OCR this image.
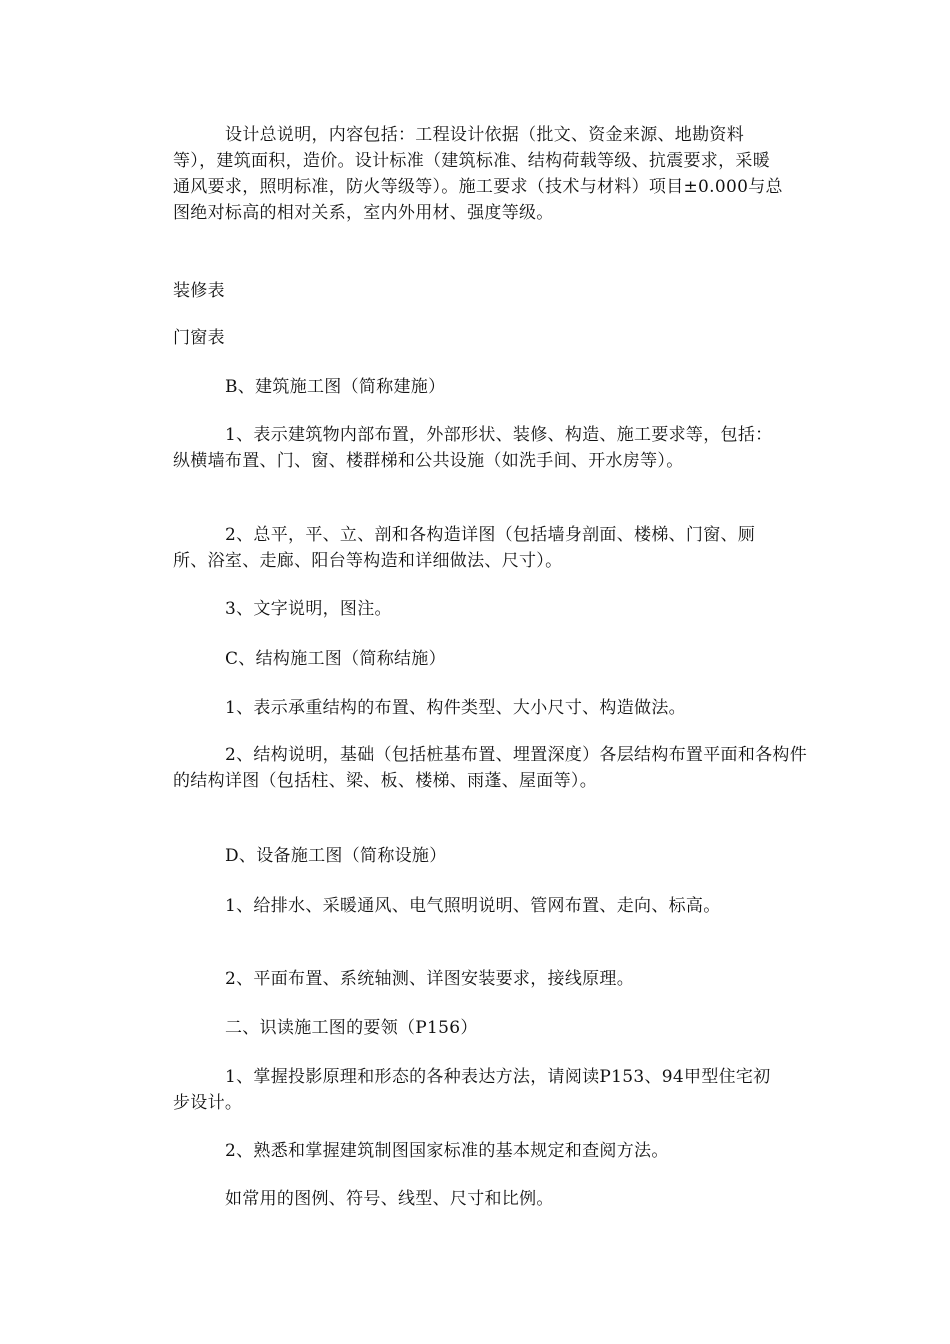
设计总说明，内容包括：工程设计依据（批文、资金来源、地勘资料等），建筑面积，造价。设计标准（建筑标准、结构荷载等级、抗震要求，采暖通风要求，照明标准，防火等级等）。施工要求（技术与材料）项目±0.000与总图绝对标高的相对关系，室内外用材、强度等级。

装修表

门窗表

B、建筑施工图（简称建施）

1、表示建筑物内部布置，外部形状、装修、构造、施工要求等，包括：纵横墙布置、门、窗、楼群梯和公共设施（如洗手间、开水房等）。

2、总平，平、立、剖和各构造详图（包括墙身剖面、楼梯、门窗、厕所、浴室、走廊、阳台等构造和详细做法、尺寸）。

3、文字说明，图注。

C、结构施工图（简称结施）

1、表示承重结构的布置、构件类型、大小尺寸、构造做法。

2、结构说明，基础（包括桩基布置、埋置深度）各层结构布置平面和各构件的结构详图（包括柱、梁、板、楼梯、雨蓬、屋面等）。

D、设备施工图（简称设施）

1、给排水、采暖通风、电气照明说明、管网布置、走向、标高。

2、平面布置、系统轴测、详图安装要求，接线原理。

二、识读施工图的要领（P156）

1、掌握投影原理和形态的各种表达方法，请阅读P153、94甲型住宅初步设计。

2、熟悉和掌握建筑制图国家标准的基本规定和查阅方法。

如常用的图例、符号、线型、尺寸和比例。
